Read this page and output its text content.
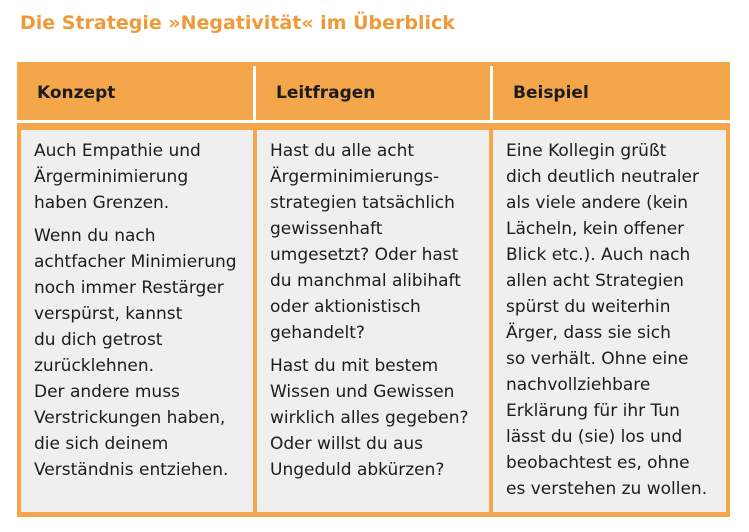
Die Strategie »Negativität« im Überblick
Konzept	Leitfragen	Beispiel

Auch Empathie und
Ärgerminimierung
haben Grenzen.

Wenn du nach
achtfacher Minimierung
noch immer Restärger
verspürst, kannst
du dich getrost
zurücklehnen.
Der andere muss
Verstrickungen haben,
die sich deinem
Verständnis entziehen.

Hast du alle acht
Ärgerminimierungs-
strategien tatsächlich
gewissenhaft
umgesetzt? Oder hast
du manchmal alibihaft
oder aktionistisch
gehandelt?

Hast du mit bestem
Wissen und Gewissen
wirklich alles gegeben?
Oder willst du aus
Ungeduld abkürzen?

Eine Kollegin grüßt
dich deutlich neutraler
als viele andere (kein
Lächeln, kein offener
Blick etc.). Auch nach
allen acht Strategien
spürst du weiterhin
Ärger, dass sie sich
so verhält. Ohne eine
nachvollziehbare
Erklärung für ihr Tun
lässt du (sie) los und
beobachtest es, ohne
es verstehen zu wollen.
